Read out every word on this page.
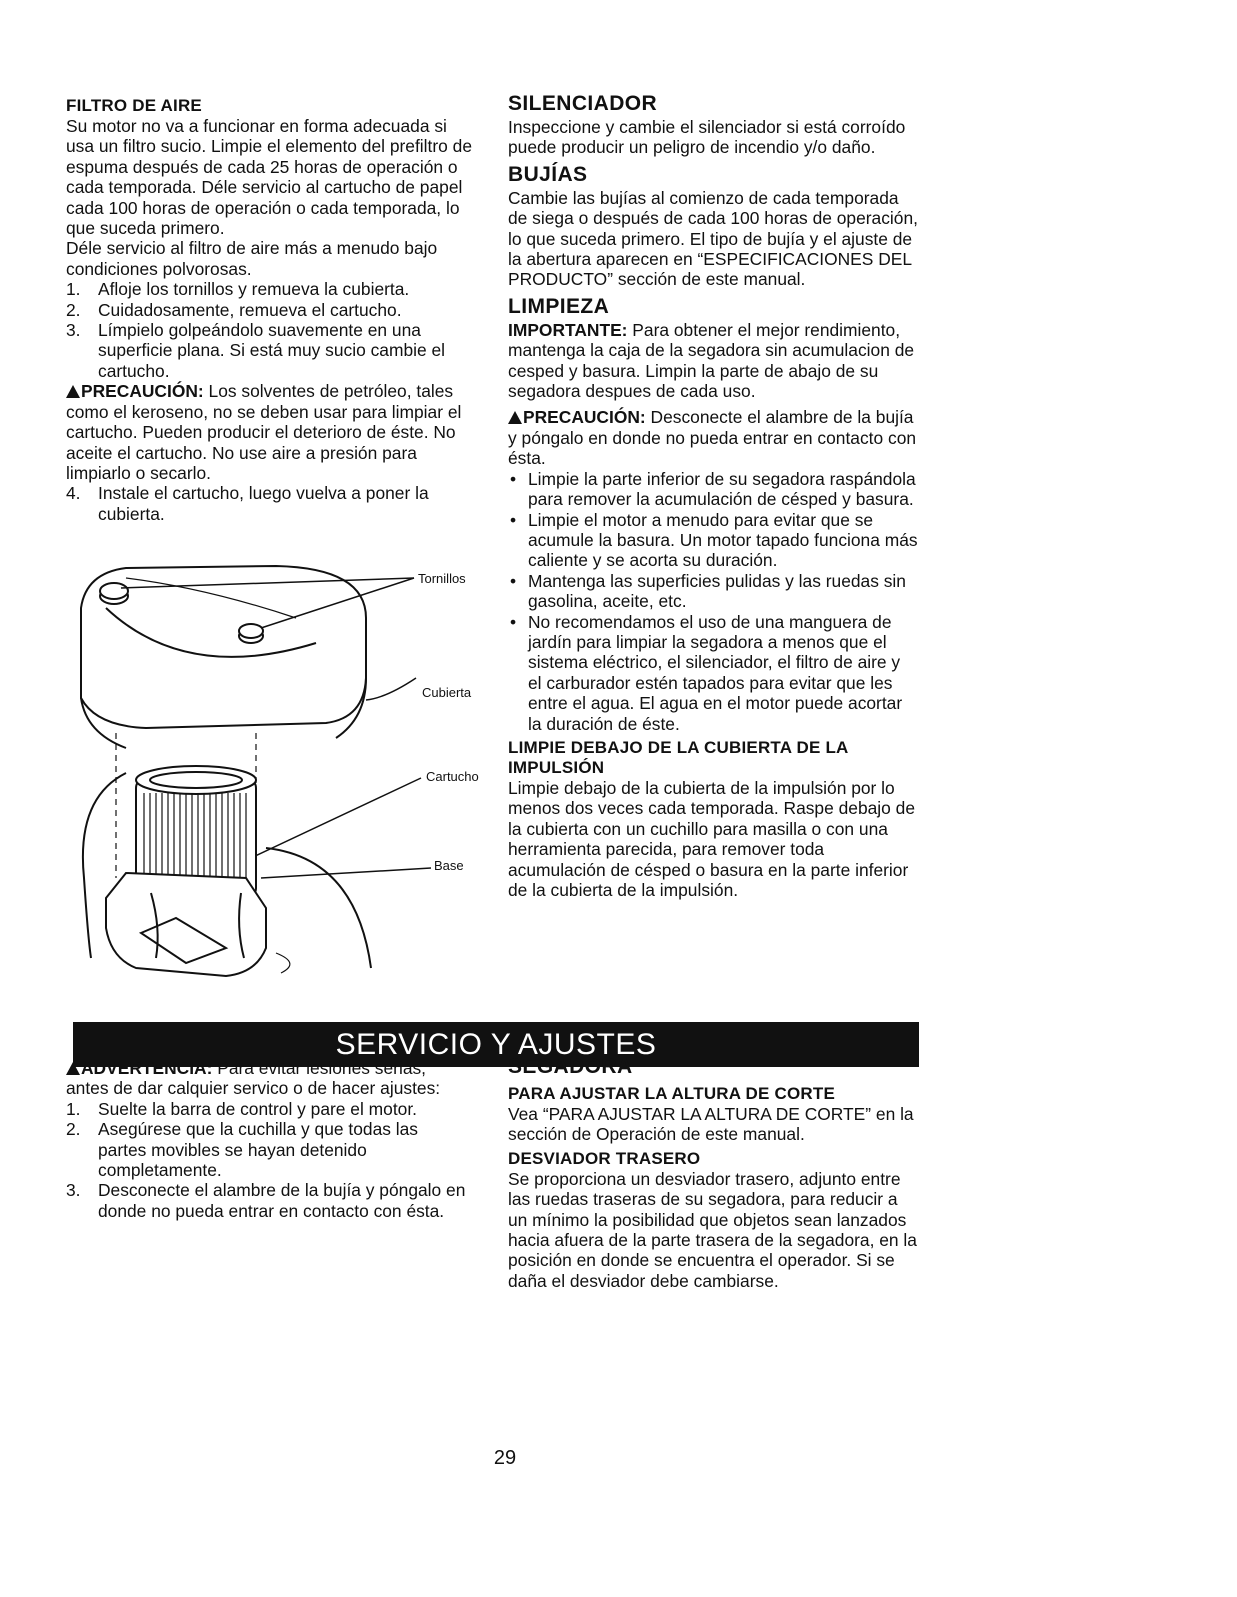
FILTRO DE AIRE

Su motor no va a funcionar en forma adecuada si usa un filtro sucio. Limpie el elemento del prefiltro de espuma después de cada 25 horas de operación o cada temporada. Déle servicio al cartucho de papel cada 100 horas de operación o cada temporada, lo que suceda primero.

Déle servicio al filtro de aire más a menudo bajo condiciones polvorosas.

1. Afloje los tornillos y remueva la cubierta.
2. Cuidadosamente, remueva el cartucho.
3. Límpielo golpeándolo suavemente en una superficie plana. Si está muy sucio cambie el cartucho.

PRECAUCIÓN: Los solventes de petróleo, tales como el keroseno, no se deben usar para limpiar el cartucho. Pueden producir el deterioro de éste. No aceite el cartucho. No use aire a presión para limpiarlo o secarlo.

4. Instale el cartucho, luego vuelva a poner la cubierta.
Tornillos
Cubierta
Cartucho
Base

SILENCIADOR

Inspeccione y cambie el silenciador si está corroído puede producir un peligro de incendio y/o daño.

BUJÍAS

Cambie las bujías al comienzo de cada temporada de siega o después de cada 100 horas de operación, lo que suceda primero. El tipo de bujía y el ajuste de la abertura aparecen en “ESPECIFICACIONES DEL PRODUCTO” sección de este manual.

LIMPIEZA

IMPORTANTE: Para obtener el mejor rendimiento, mantenga la caja de la segadora sin acumulacion de cesped y basura. Limpin la parte de abajo de su segadora despues de cada uso.

PRECAUCIÓN: Desconecte el alambre de la bujía y póngalo en donde no pueda entrar en contacto con ésta.

• Limpie la parte inferior de su segadora raspándola para remover la acumulación de césped y basura.
• Limpie el motor a menudo para evitar que se acumule la basura. Un motor tapado funciona más caliente y se acorta su duración.
• Mantenga las superficies pulidas y las ruedas sin gasolina, aceite, etc.
• No recomendamos el uso de una manguera de jardín para limpiar la segadora a menos que el sistema eléctrico, el silenciador, el filtro de aire y el carburador estén tapados para evitar que les entre el agua. El agua en el motor puede acortar la duración de éste.

LIMPIE DEBAJO DE LA CUBIERTA DE LA IMPULSIÓN

Limpie debajo de la cubierta de la impulsión por lo menos dos veces cada temporada. Raspe debajo de la cubierta con un cuchillo para masilla o con una herramienta parecida, para remover toda acumulación de césped o basura en la parte inferior de la cubierta de la impulsión.

SERVICIO Y AJUSTES

ADVERTENCIA: Para evitar lesiónes serias, antes de dar calquier servico o de hacer ajustes:

1. Suelte la barra de control y pare el motor.
2. Asegúrese que la cuchilla y que todas las partes movibles se hayan detenido completamente.
3. Desconecte el alambre de la bujía y póngalo en donde no pueda entrar en contacto con ésta.

SEGADORA

PARA AJUSTAR LA ALTURA DE CORTE

Vea “PARA AJUSTAR LA ALTURA DE CORTE” en la sección de Operación de este manual.

DESVIADOR TRASERO

Se proporciona un desviador trasero, adjunto entre las ruedas traseras de su segadora, para reducir a un mínimo la posibilidad que objetos sean lanzados hacia afuera de la parte trasera de la segadora, en la posición en donde se encuentra el operador. Si se daña el desviador debe cambiarse.

29
